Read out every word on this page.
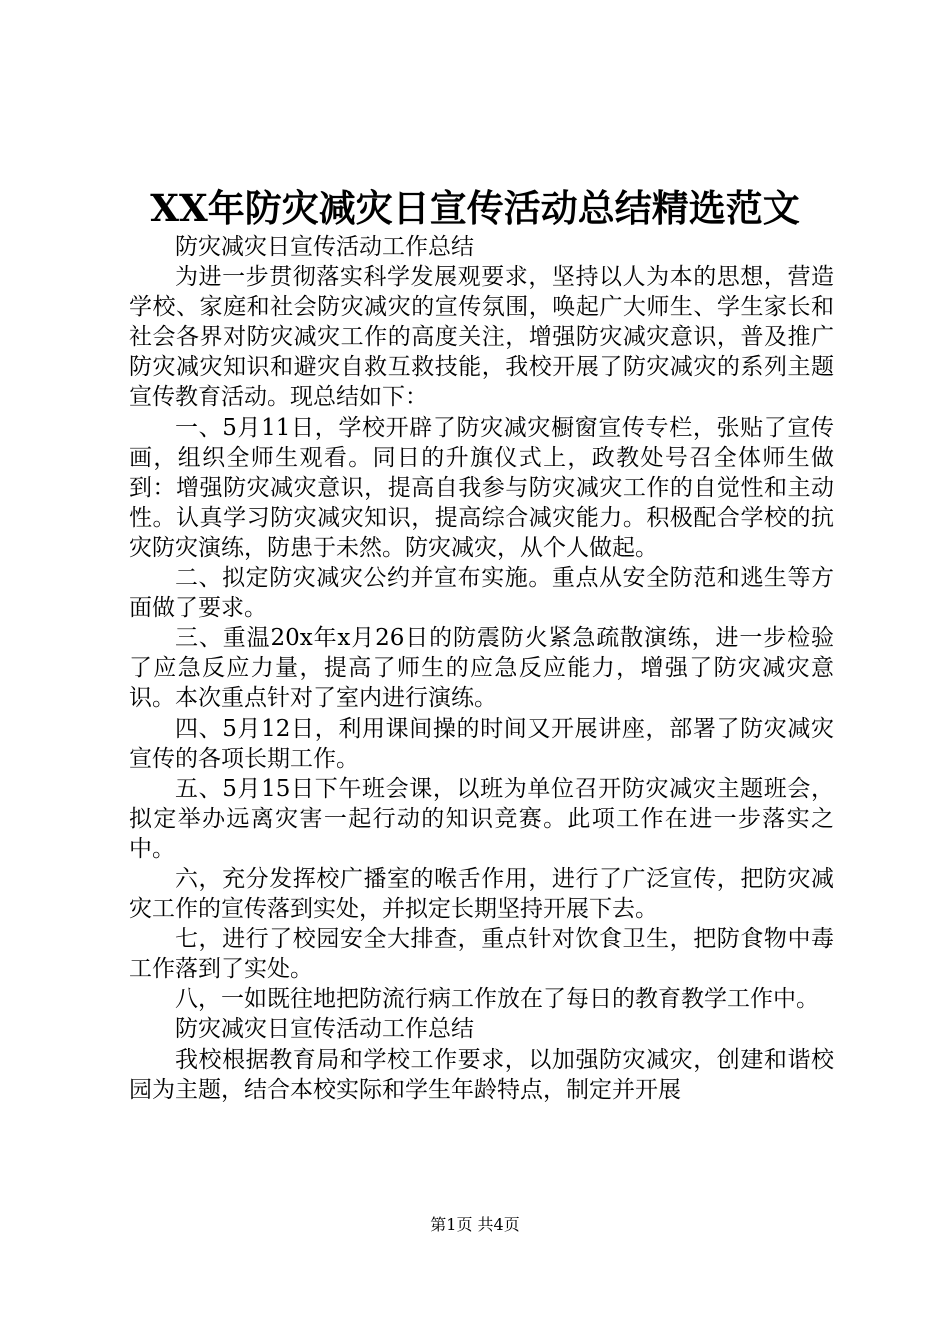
XX年防灾减灾日宣传活动总结精选范文

防灾减灾日宣传活动工作总结

为进一步贯彻落实科学发展观要求，坚持以人为本的思想，营造学校、家庭和社会防灾减灾的宣传氛围，唤起广大师生、学生家长和社会各界对防灾减灾工作的高度关注，增强防灾减灾意识，普及推广防灾减灾知识和避灾自救互救技能，我校开展了防灾减灾的系列主题宣传教育活动。现总结如下：

一、5月11日，学校开辟了防灾减灾橱窗宣传专栏，张贴了宣传画，组织全师生观看。同日的升旗仪式上，政教处号召全体师生做到：增强防灾减灾意识，提高自我参与防灾减灾工作的自觉性和主动性。认真学习防灾减灾知识，提高综合减灾能力。积极配合学校的抗灾防灾演练，防患于未然。防灾减灾，从个人做起。

二、拟定防灾减灾公约并宣布实施。重点从安全防范和逃生等方面做了要求。

三、重温20x年x月26日的防震防火紧急疏散演练，进一步检验了应急反应力量，提高了师生的应急反应能力，增强了防灾减灾意识。本次重点针对了室内进行演练。

四、5月12日，利用课间操的时间又开展讲座，部署了防灾减灾宣传的各项长期工作。

五、5月15日下午班会课，以班为单位召开防灾减灾主题班会，拟定举办远离灾害一起行动的知识竞赛。此项工作在进一步落实之中。

六，充分发挥校广播室的喉舌作用，进行了广泛宣传，把防灾减灾工作的宣传落到实处，并拟定长期坚持开展下去。

七，进行了校园安全大排查，重点针对饮食卫生，把防食物中毒工作落到了实处。

八，一如既往地把防流行病工作放在了每日的教育教学工作中。

防灾减灾日宣传活动工作总结

我校根据教育局和学校工作要求，以加强防灾减灾，创建和谐校园为主题，结合本校实际和学生年龄特点，制定并开展

第1页 共4页
